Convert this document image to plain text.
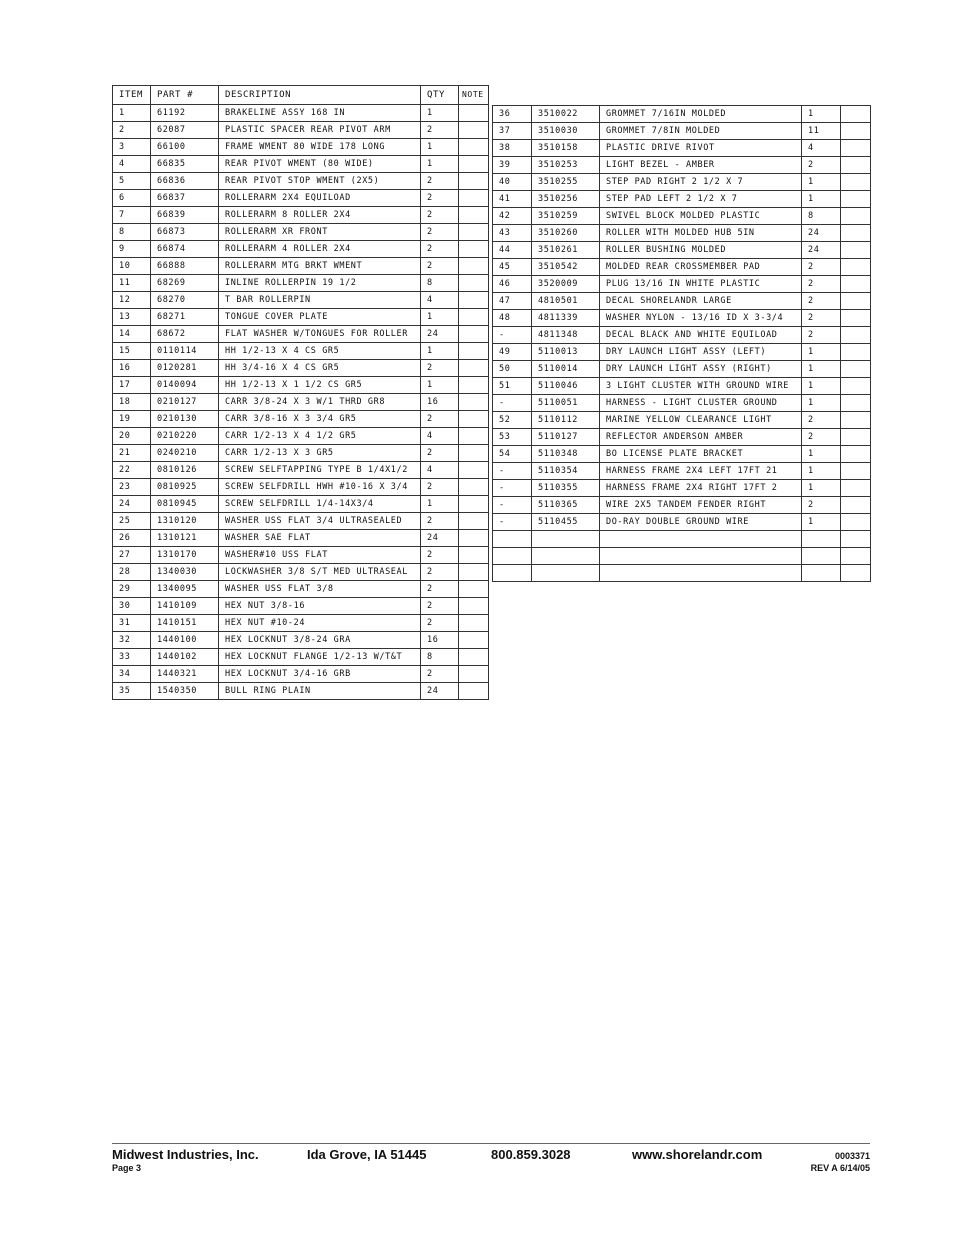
ITEM	PART #	DESCRIPTION	QTY	NOTE
1	61192	BRAKELINE ASSY 168 IN	1	
2	62087	PLASTIC SPACER REAR PIVOT ARM	2	
3	66100	FRAME WMENT 80 WIDE 178 LONG	1	
4	66835	REAR PIVOT WMENT (80 WIDE)	1	
5	66836	REAR PIVOT STOP WMENT (2X5)	2	
6	66837	ROLLERARM 2X4 EQUILOAD	2	
7	66839	ROLLERARM 8 ROLLER 2X4	2	
8	66873	ROLLERARM XR FRONT	2	
9	66874	ROLLERARM 4 ROLLER 2X4	2	
10	66888	ROLLERARM MTG BRKT WMENT	2	
11	68269	INLINE ROLLERPIN 19 1/2	8	
12	68270	T BAR ROLLERPIN	4	
13	68271	TONGUE COVER PLATE	1	
14	68672	FLAT WASHER W/TONGUES FOR ROLLER	24	
15	0110114	HH 1/2-13 X 4 CS GR5	1	
16	0120281	HH 3/4-16 X 4 CS GR5	2	
17	0140094	HH 1/2-13 X 1 1/2 CS GR5	1	
18	0210127	CARR 3/8-24 X 3 W/1 THRD GR8	16	
19	0210130	CARR 3/8-16 X 3 3/4 GR5	2	
20	0210220	CARR 1/2-13 X 4 1/2 GR5	4	
21	0240210	CARR 1/2-13 X 3 GR5	2	
22	0810126	SCREW SELFTAPPING TYPE B 1/4X1/2	4	
23	0810925	SCREW SELFDRILL HWH #10-16 X 3/4	2	
24	0810945	SCREW SELFDRILL 1/4-14X3/4	1	
25	1310120	WASHER USS FLAT 3/4 ULTRASEALED	2	
26	1310121	WASHER SAE FLAT	24	
27	1310170	WASHER#10 USS FLAT	2	
28	1340030	LOCKWASHER 3/8 S/T MED ULTRASEAL	2	
29	1340095	WASHER USS FLAT 3/8	2	
30	1410109	HEX NUT 3/8-16	2	
31	1410151	HEX NUT #10-24	2	
32	1440100	HEX LOCKNUT 3/8-24 GRA	16	
33	1440102	HEX LOCKNUT FLANGE 1/2-13 W/T&T	8	
34	1440321	HEX LOCKNUT 3/4-16 GRB	2	
35	1540350	BULL RING PLAIN	24	
36	3510022	GROMMET 7/16IN MOLDED	1	
37	3510030	GROMMET 7/8IN MOLDED	11	
38	3510158	PLASTIC DRIVE RIVOT	4	
39	3510253	LIGHT BEZEL - AMBER	2	
40	3510255	STEP PAD RIGHT 2 1/2 X 7	1	
41	3510256	STEP PAD LEFT 2 1/2 X 7	1	
42	3510259	SWIVEL BLOCK MOLDED PLASTIC	8	
43	3510260	ROLLER WITH MOLDED HUB 5IN	24	
44	3510261	ROLLER BUSHING MOLDED	24	
45	3510542	MOLDED REAR CROSSMEMBER PAD	2	
46	3520009	PLUG 13/16 IN WHITE PLASTIC	2	
47	4810501	DECAL SHORELANDR LARGE	2	
48	4811339	WASHER NYLON - 13/16 ID X 3-3/4	2	
-	4811348	DECAL BLACK AND WHITE EQUILOAD	2	
49	5110013	DRY LAUNCH LIGHT ASSY (LEFT)	1	
50	5110014	DRY LAUNCH LIGHT ASSY (RIGHT)	1	
51	5110046	3 LIGHT CLUSTER WITH GROUND WIRE	1	
-	5110051	HARNESS - LIGHT CLUSTER GROUND	1	
52	5110112	MARINE YELLOW CLEARANCE LIGHT	2	
53	5110127	REFLECTOR ANDERSON AMBER	2	
54	5110348	BO LICENSE PLATE BRACKET	1	
-	5110354	HARNESS FRAME 2X4 LEFT 17FT 21	1	
-	5110355	HARNESS FRAME 2X4 RIGHT 17FT 2	1	
-	5110365	WIRE 2X5 TANDEM FENDER RIGHT	2	
-	5110455	DO-RAY DOUBLE GROUND WIRE	1	

Midwest Industries, Inc.	Ida Grove, IA 51445	800.859.3028	www.shorelandr.com	0003371
Page 3	REV A 6/14/05
